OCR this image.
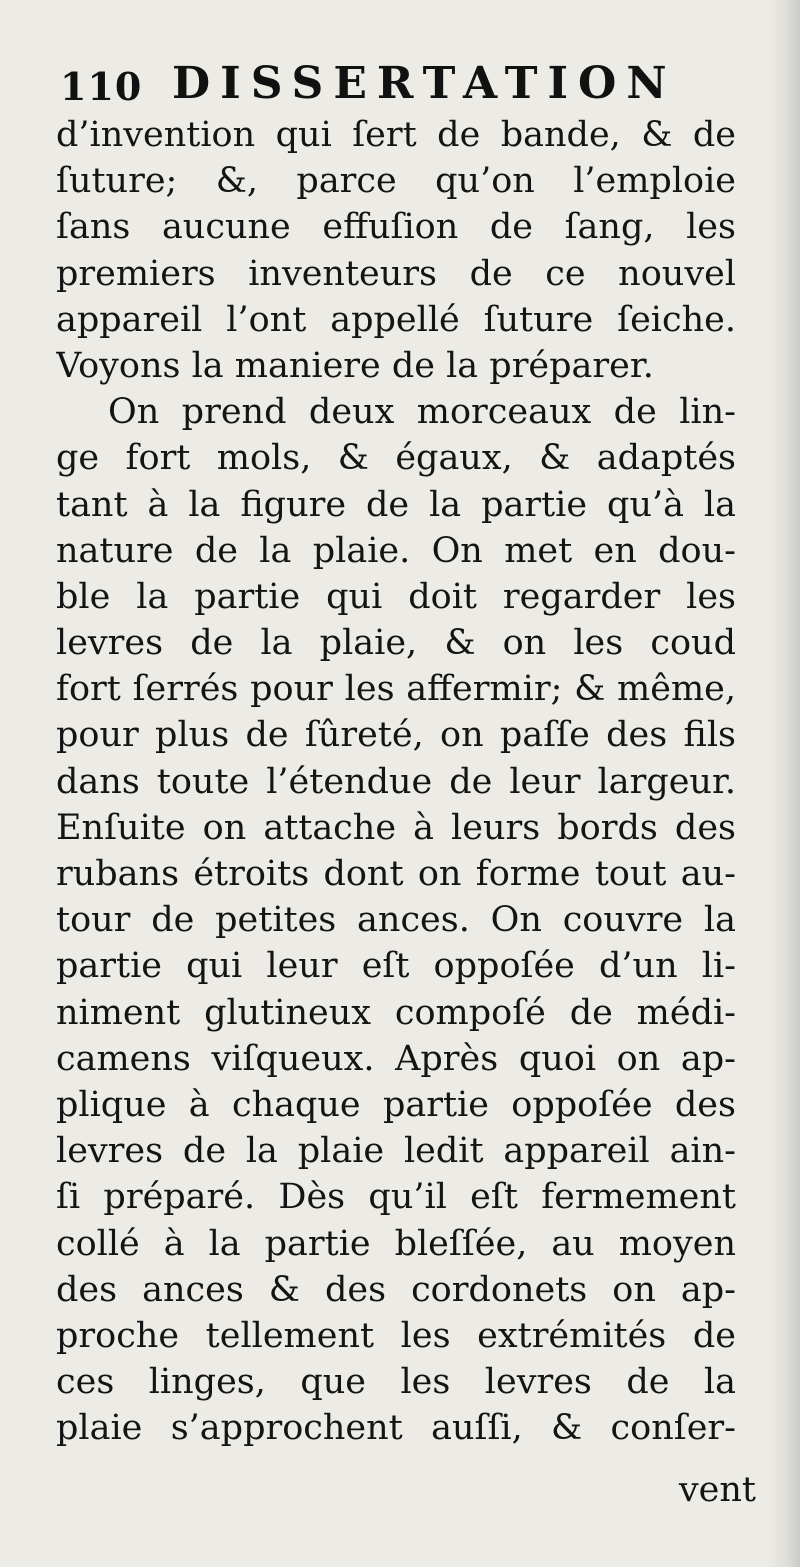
110 DISSERTATION
d’invention qui ſert de bande, & de
ſuture; &, parce qu’on l’emploie
ſans aucune effuſion de ſang, les
premiers inventeurs de ce nouvel
appareil l’ont appellé ſuture ſeiche.
Voyons la maniere de la préparer.
On prend deux morceaux de lin-
ge fort mols, & égaux, & adaptés
tant à la figure de la partie qu’à la
nature de la plaie. On met en dou-
ble la partie qui doit regarder les
levres de la plaie, & on les coud
fort ſerrés pour les affermir; & même,
pour plus de ſûreté, on paſſe des fils
dans toute l’étendue de leur largeur.
Enſuite on attache à leurs bords des
rubans étroits dont on forme tout au-
tour de petites ances. On couvre la
partie qui leur eſt oppoſée d’un li-
niment glutineux compoſé de médi-
camens viſqueux. Après quoi on ap-
plique à chaque partie oppoſée des
levres de la plaie ledit appareil ain-
ſi préparé. Dès qu’il eſt fermement
collé à la partie bleſſée, au moyen
des ances & des cordonets on ap-
proche tellement les extrémités de
ces linges, que les levres de la
plaie s’approchent auſſi, & conſer-
vent
